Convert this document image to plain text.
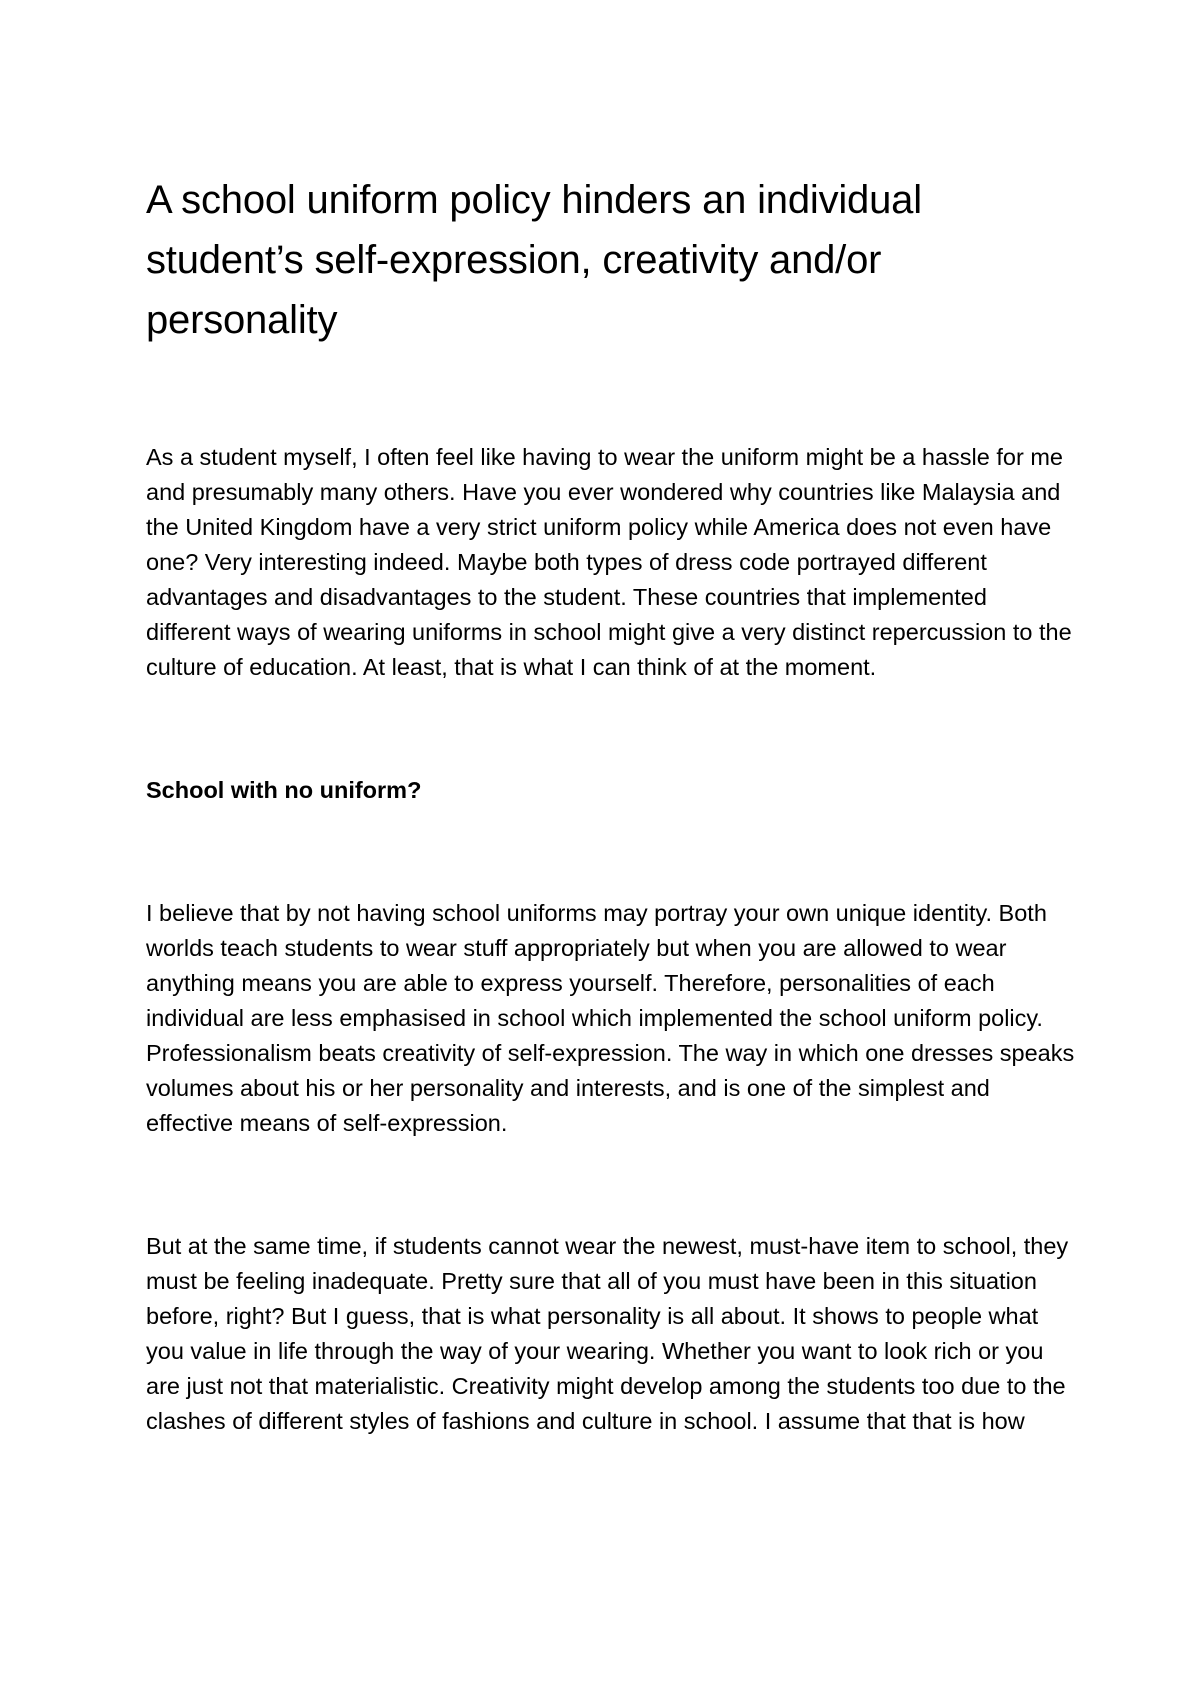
A school uniform policy hinders an individual student’s self-expression, creativity and/or personality

As a student myself, I often feel like having to wear the uniform might be a hassle for me and presumably many others. Have you ever wondered why countries like Malaysia and the United Kingdom have a very strict uniform policy while America does not even have one? Very interesting indeed. Maybe both types of dress code portrayed different advantages and disadvantages to the student. These countries that implemented different ways of wearing uniforms in school might give a very distinct repercussion to the culture of education. At least, that is what I can think of at the moment.

School with no uniform?

I believe that by not having school uniforms may portray your own unique identity. Both worlds teach students to wear stuff appropriately but when you are allowed to wear anything means you are able to express yourself. Therefore, personalities of each individual are less emphasised in school which implemented the school uniform policy. Professionalism beats creativity of self-expression. The way in which one dresses speaks volumes about his or her personality and interests, and is one of the simplest and effective means of self-expression.

But at the same time, if students cannot wear the newest, must-have item to school, they must be feeling inadequate. Pretty sure that all of you must have been in this situation before, right? But I guess, that is what personality is all about. It shows to people what you value in life through the way of your wearing. Whether you want to look rich or you are just not that materialistic. Creativity might develop among the students too due to the clashes of different styles of fashions and culture in school. I assume that that is how
